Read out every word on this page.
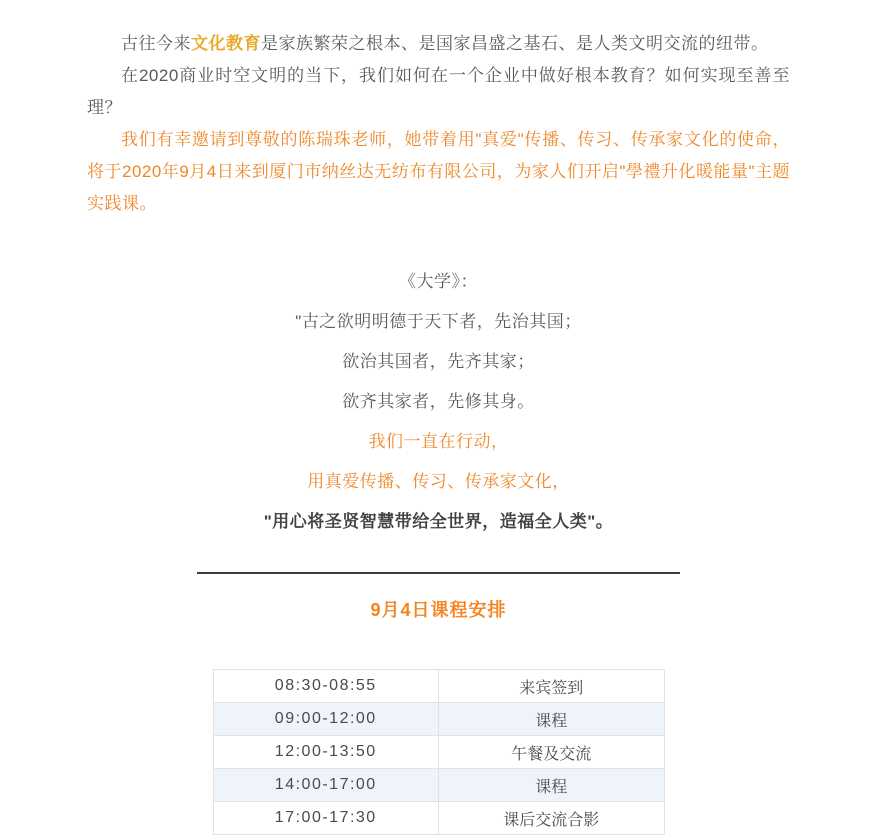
古往今来文化教育是家族繁荣之根本、是国家昌盛之基石、是人类文明交流的纽带。

在2020商业时空文明的当下，我们如何在一个企业中做好根本教育？如何实现至善至理？

我们有幸邀请到尊敬的陈瑞珠老师，她带着用"真爱"传播、传习、传承家文化的使命，将于2020年9月4日来到厦门市纳丝达无纺布有限公司，为家人们开启"學禮升化暖能量"主题实践课。

《大学》：

"古之欲明明德于天下者，先治其国；

欲治其国者，先齐其家；

欲齐其家者，先修其身。

我们一直在行动，

用真爱传播、传习、传承家文化，

"用心将圣贤智慧带给全世界，造福全人类"。

9月4日课程安排

08:30-08:55	来宾签到
09:00-12:00	课程
12:00-13:50	午餐及交流
14:00-17:00	课程
17:00-17:30	课后交流合影
